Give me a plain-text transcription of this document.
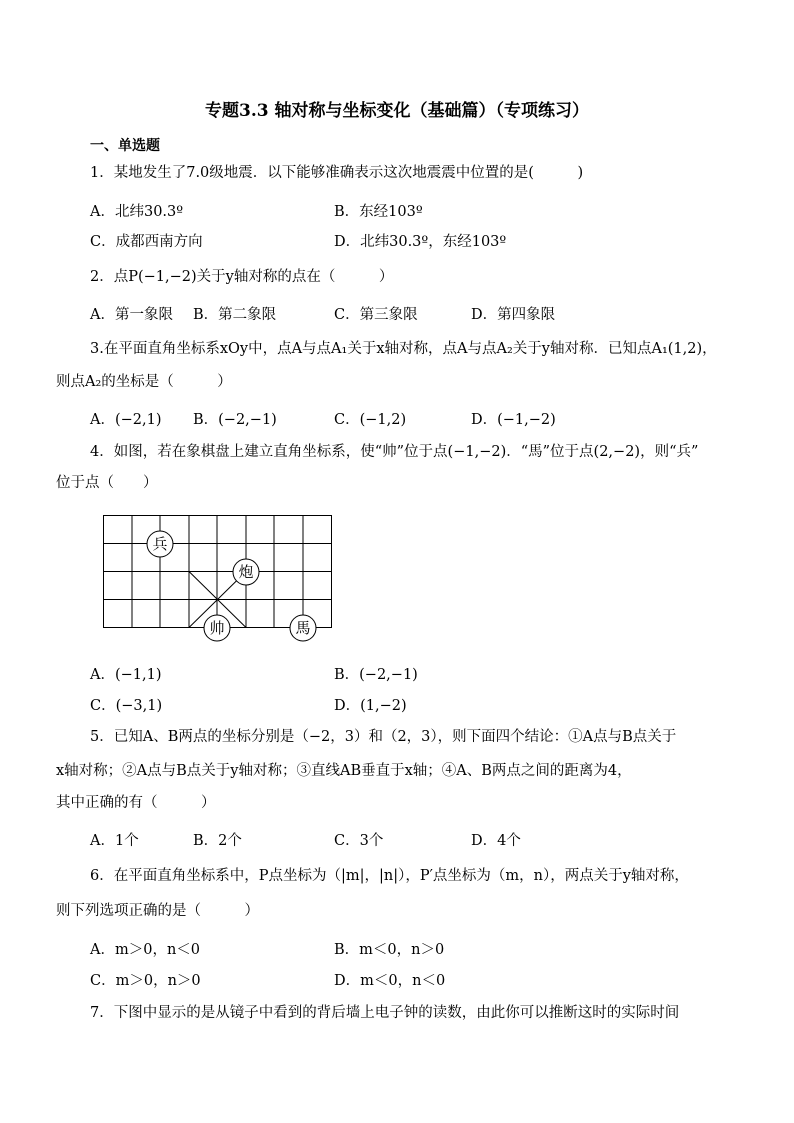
专题3.3 轴对称与坐标变化（基础篇）（专项练习）
一、单选题
1．某地发生了7.0级地震．以下能够准确表示这次地震震中位置的是(　　　)
A．北纬30.3º	B．东经103º
C．成都西南方向	D．北纬30.3º，东经103º
2．点P(−1,−2)关于y轴对称的点在（　　　）
A．第一象限 B．第二象限	C．第三象限	D．第四象限
3.在平面直角坐标系xOy中，点A与点A₁关于x轴对称，点A与点A₂关于y轴对称．已知点A₁(1,2)，
则点A₂的坐标是（　　　）
A．(−2,1) B．(−2,−1)	C．(−1,2)	D．(−1,−2)
4．如图，若在象棋盘上建立直角坐标系，使“帅”位于点(−1,−2)．“馬”位于点(2,−2)，则“兵”
位于点（　　）
兵
炮
帅	馬
A．(−1,1)	B．(−2,−1)
C．(−3,1)	D．(1,−2)
5．已知A、B两点的坐标分别是（−2，3）和（2，3），则下面四个结论：①A点与B点关于
x轴对称；②A点与B点关于y轴对称；③直线AB垂直于x轴；④A、B两点之间的距离为4，
其中正确的有（　　　）
A．1个	B．2个	C．3个	D．4个
6．在平面直角坐标系中，P点坐标为（|m|，|n|），P′点坐标为（m，n），两点关于y轴对称，
则下列选项正确的是（　　　）
A．m＞0，n＜0	B．m＜0，n＞0
C．m＞0，n＞0	D．m＜0，n＜0
7．下图中显示的是从镜子中看到的背后墙上电子钟的读数，由此你可以推断这时的实际时间
